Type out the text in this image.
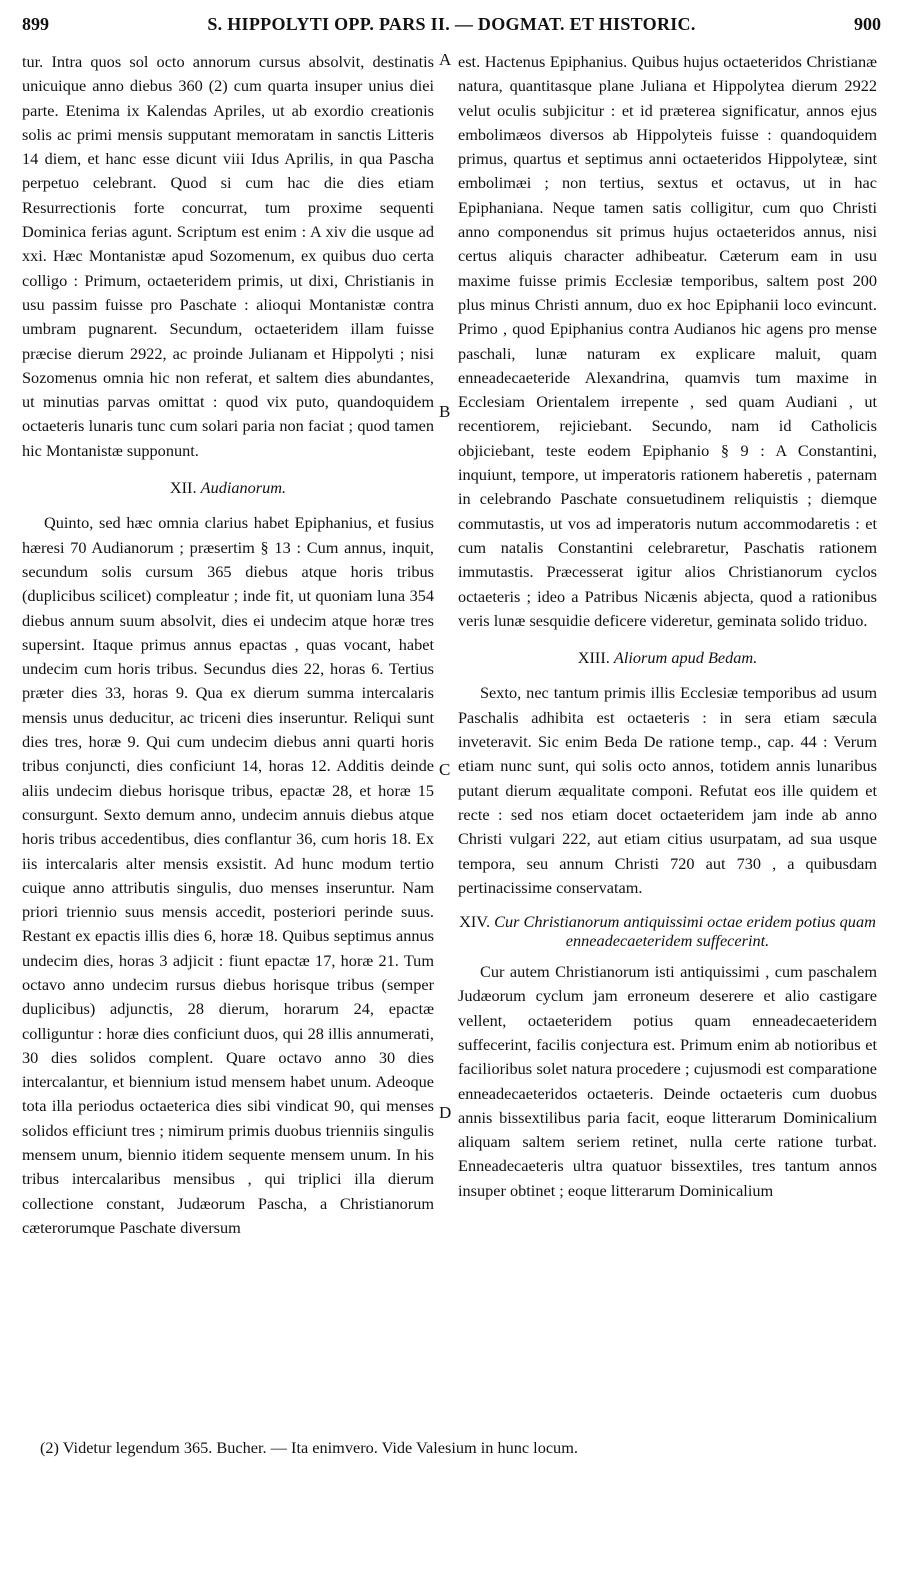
899	S. HIPPOLYTI OPP. PARS II. — DOGMAT. ET HISTORIC.	900
A
B
C
D

tur. Intra quos sol octo annorum cursus absolvit, destinatis unicuique anno diebus 360 (2) cum quarta insuper unius diei parte. Etenima ix Kalendas Apriles, ut ab exordio creationis solis ac primi mensis supputant memoratam in sanctis Litteris 14 diem, et hanc esse dicunt viii Idus Aprilis, in qua Pascha perpetuo celebrant. Quod si cum hac die dies etiam Resurrectionis forte concurrat, tum proxime sequenti Dominica ferias agunt. Scriptum est enim : A xiv die usque ad xxi. Hæc Montanistæ apud Sozomenum, ex quibus duo certa colligo : Primum, octaeteridem primis, ut dixi, Christianis in usu passim fuisse pro Paschate : alioqui Montanistæ contra umbram pugnarent. Secundum, octaeteridem illam fuisse præcise dierum 2922, ac proinde Julianam et Hippolyti ; nisi Sozomenus omnia hic non referat, et saltem dies abundantes, ut minutias parvas omittat : quod vix puto, quandoquidem octaeteris lunaris tunc cum solari paria non faciat ; quod tamen hic Montanistæ supponunt.

XII. Audianorum.

Quinto, sed hæc omnia clarius habet Epiphanius, et fusius hæresi 70 Audianorum ; præsertim § 13 : Cum annus, inquit, secundum solis cursum 365 diebus atque horis tribus (duplicibus scilicet) compleatur ; inde fit, ut quoniam luna 354 diebus annum suum absolvit, dies ei undecim atque horæ tres supersint. Itaque primus annus epactas , quas vocant, habet undecim cum horis tribus. Secundus dies 22, horas 6. Tertius præter dies 33, horas 9. Qua ex dierum summa intercalaris mensis unus deducitur, ac triceni dies inseruntur. Reliqui sunt dies tres, horæ 9. Qui cum undecim diebus anni quarti horis tribus conjuncti, dies conficiunt 14, horas 12. Additis deinde aliis undecim diebus horisque tribus, epactæ 28, et horæ 15 consurgunt. Sexto demum anno, undecim annuis diebus atque horis tribus accedentibus, dies conflantur 36, cum horis 18. Ex iis intercalaris alter mensis exsistit. Ad hunc modum tertio cuique anno attributis singulis, duo menses inseruntur. Nam priori triennio suus mensis accedit, posteriori perinde suus. Restant ex epactis illis dies 6, horæ 18. Quibus septimus annus undecim dies, horas 3 adjicit : fiunt epactæ 17, horæ 21. Tum octavo anno undecim rursus diebus horisque tribus (semper duplicibus) adjunctis, 28 dierum, horarum 24, epactæ colliguntur : horæ dies conficiunt duos, qui 28 illis annumerati, 30 dies solidos complent. Quare octavo anno 30 dies intercalantur, et biennium istud mensem habet unum. Adeoque tota illa periodus octaeterica dies sibi vindicat 90, qui menses solidos efficiunt tres ; nimirum primis duobus trienniis singulis mensem unum, biennio itidem sequente mensem unum. In his tribus intercalaribus mensibus , qui triplici illa dierum collectione constant, Judæorum Pascha, a Christianorum cæterorumque Paschate diversum

est. Hactenus Epiphanius. Quibus hujus octaeteridos Christianæ natura, quantitasque plane Juliana et Hippolytea dierum 2922 velut oculis subjicitur : et id præterea significatur, annos ejus embolimæos diversos ab Hippolyteis fuisse : quandoquidem primus, quartus et septimus anni octaeteridos Hippolyteæ, sint embolimæi ; non tertius, sextus et octavus, ut in hac Epiphaniana. Neque tamen satis colligitur, cum quo Christi anno componendus sit primus hujus octaeteridos annus, nisi certus aliquis character adhibeatur. Cæterum eam in usu maxime fuisse primis Ecclesiæ temporibus, saltem post 200 plus minus Christi annum, duo ex hoc Epiphanii loco evincunt. Primo , quod Epiphanius contra Audianos hic agens pro mense paschali, lunæ naturam ex explicare maluit, quam enneadecaeteride Alexandrina, quamvis tum maxime in Ecclesiam Orientalem irrepente , sed quam Audiani , ut recentiorem, rejiciebant. Secundo, nam id Catholicis objiciebant, teste eodem Epiphanio § 9 : A Constantini, inquiunt, tempore, ut imperatoris rationem haberetis , paternam in celebrando Paschate consuetudinem reliquistis ; diemque commutastis, ut vos ad imperatoris nutum accommodaretis : et cum natalis Constantini celebraretur, Paschatis rationem immutastis. Præcesserat igitur alios Christianorum cyclos octaeteris ; ideo a Patribus Nicænis abjecta, quod a rationibus veris lunæ sesquidie deficere videretur, geminata solido triduo.

XIII. Aliorum apud Bedam.

Sexto, nec tantum primis illis Ecclesiæ temporibus ad usum Paschalis adhibita est octaeteris : in sera etiam sæcula inveteravit. Sic enim Beda De ratione temp., cap. 44 : Verum etiam nunc sunt, qui solis octo annos, totidem annis lunaribus putant dierum æqualitate componi. Refutat eos ille quidem et recte : sed nos etiam docet octaeteridem jam inde ab anno Christi vulgari 222, aut etiam citius usurpatam, ad sua usque tempora, seu annum Christi 720 aut 730 , a quibusdam pertinacissime conservatam.

XIV. Cur Christianorum antiquissimi octae eridem potius quam enneadecaeteridem suffecerint.

Cur autem Christianorum isti antiquissimi , cum paschalem Judæorum cyclum jam erroneum deserere et alio castigare vellent, octaeteridem potius quam enneadecaeteridem suffecerint, facilis conjectura est. Primum enim ab notioribus et facilioribus solet natura procedere ; cujusmodi est comparatione enneadecaeteridos octaeteris. Deinde octaeteris cum duobus annis bissextilibus paria facit, eoque litterarum Dominicalium aliquam saltem seriem retinet, nulla certe ratione turbat. Enneadecaeteris ultra quatuor bissextiles, tres tantum annos insuper obtinet ; eoque litterarum Dominicalium

(2) Videtur legendum 365. Bucher. — Ita enimvero. Vide Valesium in hunc locum.
